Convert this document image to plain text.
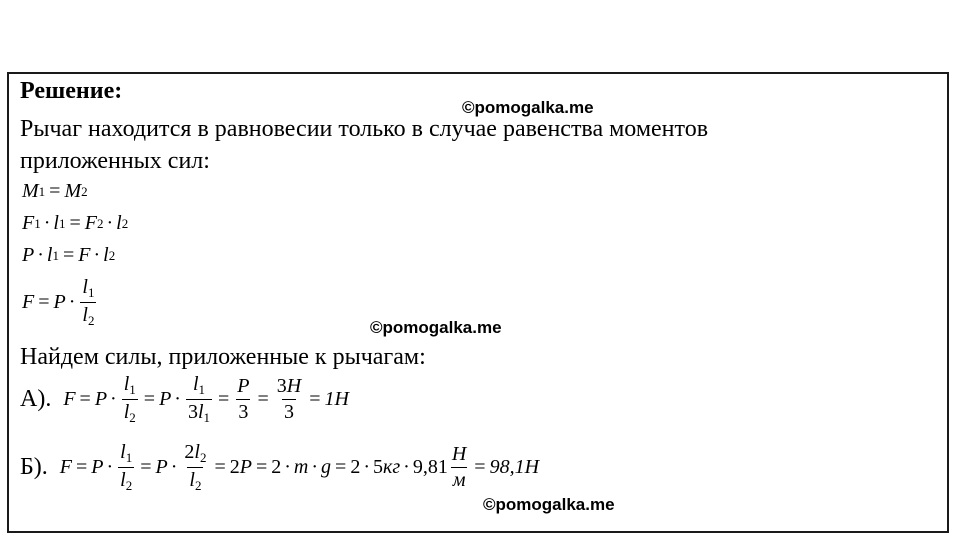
Решение:
©pomogalka.me
Рычаг находится в равновесии только в случае равенства моментов
приложенных сил:
M 1 = M 2
F 1 · l 1 = F 2 · l 2
P · l 1 = F · l 2
$F = P \cdot \frac{l_1}{l_2}$
©pomogalka.me
Найдем силы, приложенные к рычагам:
А). $F = P \cdot \frac{l_1}{l_2} = P \cdot \frac{l_1}{3l_1} = \frac{P}{3} = \frac{3Н}{3} = 1Н$
Б). $F = P \cdot \frac{l_1}{l_2} = P \cdot \frac{2l_2}{l_2} = 2$ P = 2 · m · g = 2 · 5 кг · $9,81 \frac{Н}{м} = 98,1Н$
©pomogalka.me
